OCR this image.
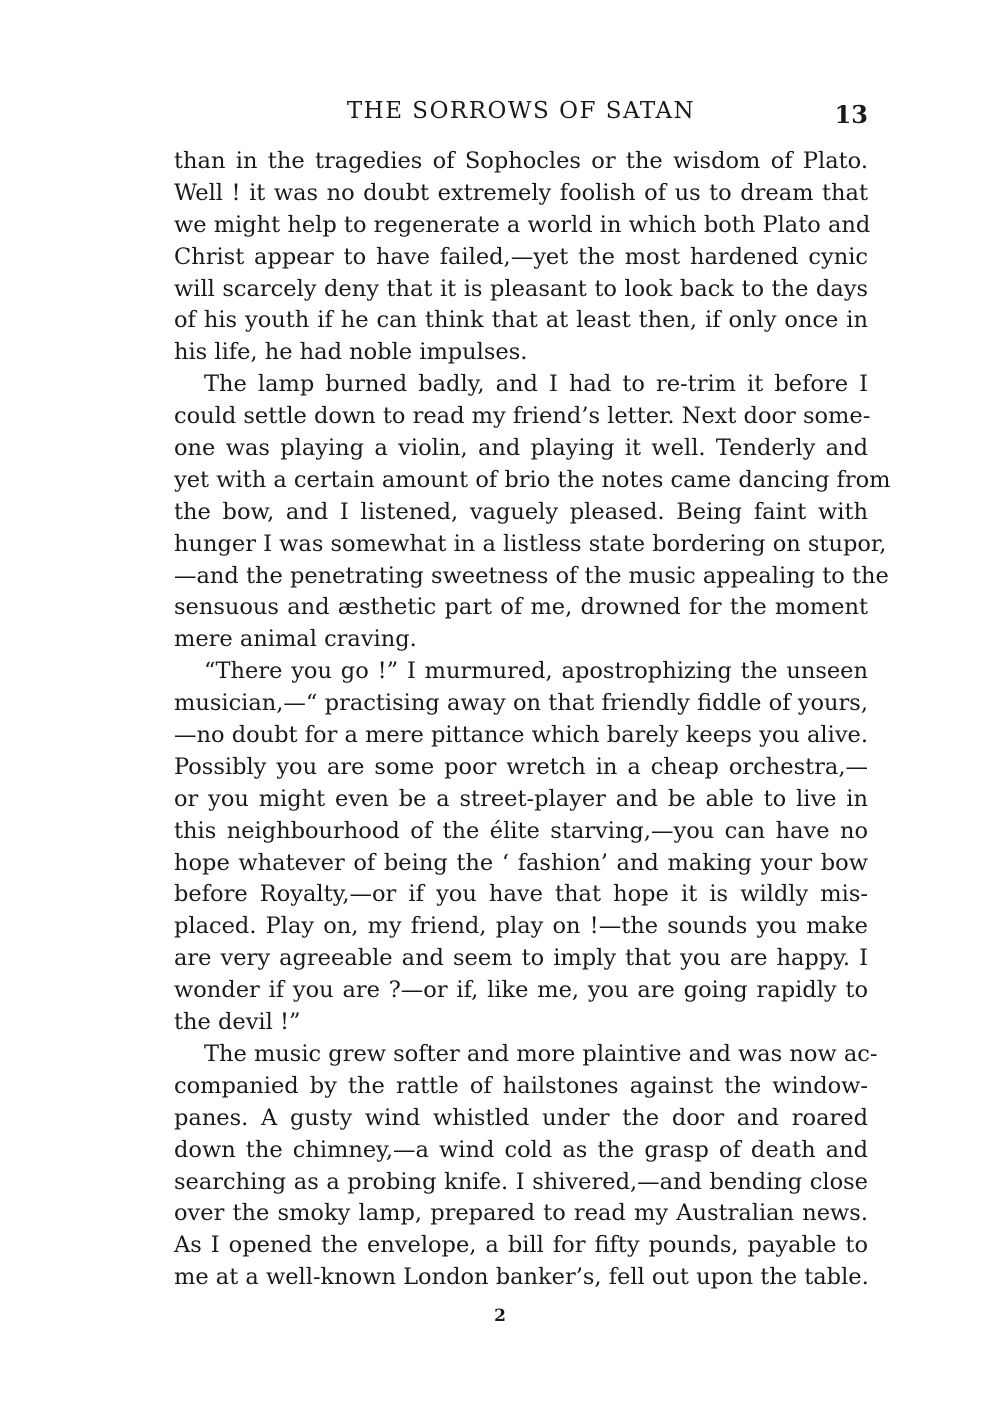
THE SORROWS OF SATAN	13
than in the tragedies of Sophocles or the wisdom of Plato.
Well ! it was no doubt extremely foolish of us to dream that
we might help to regenerate a world in which both Plato and
Christ appear to have failed,—yet the most hardened cynic
will scarcely deny that it is pleasant to look back to the days
of his youth if he can think that at least then, if only once in
his life, he had noble impulses.
The lamp burned badly, and I had to re-trim it before I
could settle down to read my friend’s letter. Next door some-
one was playing a violin, and playing it well. Tenderly and
yet with a certain amount of brio the notes came dancing from
the bow, and I listened, vaguely pleased. Being faint with
hunger I was somewhat in a listless state bordering on stupor,
—and the penetrating sweetness of the music appealing to the
sensuous and æsthetic part of me, drowned for the moment
mere animal craving.
“There you go !” I murmured, apostrophizing the unseen
musician,—“ practising away on that friendly fiddle of yours,
—no doubt for a mere pittance which barely keeps you alive.
Possibly you are some poor wretch in a cheap orchestra,—
or you might even be a street-player and be able to live in
this neighbourhood of the élite starving,—you can have no
hope whatever of being the ‘ fashion’ and making your bow
before Royalty,—or if you have that hope it is wildly mis-
placed. Play on, my friend, play on !—the sounds you make
are very agreeable and seem to imply that you are happy. I
wonder if you are ?—or if, like me, you are going rapidly to
the devil !”
The music grew softer and more plaintive and was now ac-
companied by the rattle of hailstones against the window-
panes. A gusty wind whistled under the door and roared
down the chimney,—a wind cold as the grasp of death and
searching as a probing knife. I shivered,—and bending close
over the smoky lamp, prepared to read my Australian news.
As I opened the envelope, a bill for fifty pounds, payable to
me at a well-known London banker’s, fell out upon the table.
2
